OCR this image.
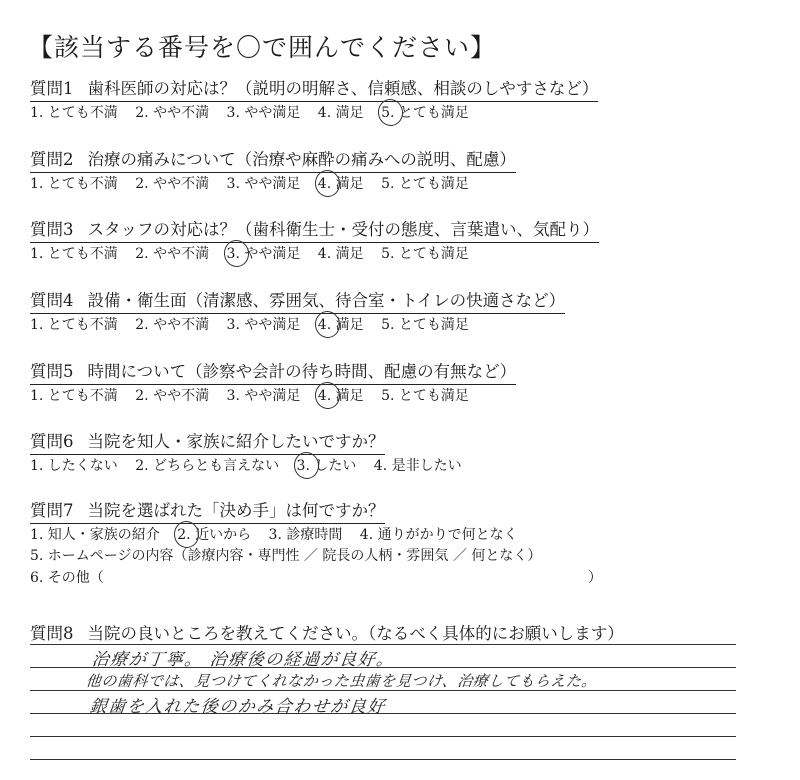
【該当する番号を〇で囲んでください】
質問1 歯科医師の対応は？（説明の明解さ、信頼感、相談のしやすさなど）
1. とても不満 2. やや不満 3. やや満足 4. 満足 5. とても満足
質問2 治療の痛みについて（治療や麻酔の痛みへの説明、配慮）
1. とても不満 2. やや不満 3. やや満足 4. 満足 5. とても満足
質問3 スタッフの対応は？（歯科衛生士・受付の態度、言葉遣い、気配り）
1. とても不満 2. やや不満 3. やや満足 4. 満足 5. とても満足
質問4 設備・衛生面（清潔感、雰囲気、待合室・トイレの快適さなど）
1. とても不満 2. やや不満 3. やや満足 4. 満足 5. とても満足
質問5 時間について（診察や会計の待ち時間、配慮の有無など）
1. とても不満 2. やや不満 3. やや満足 4. 満足 5. とても満足
質問6 当院を知人・家族に紹介したいですか？
1. したくない 2. どちらとも言えない 3. したい 4. 是非したい
質問7 当院を選ばれた「決め手」は何ですか？
1. 知人・家族の紹介 2. 近いから 3. 診療時間 4. 通りがかりで何となく
5. ホームページの内容（診療内容・専門性 ／ 院長の人柄・雰囲気 ／ 何となく）
6. その他（	）
質問8 当院の良いところを教えてください。（なるべく具体的にお願いします）
治療が丁寧。 治療後の経過が良好。
他の歯科では、見つけてくれなかった虫歯を見つけ、治療してもらえた。
銀歯を入れた後のかみ合わせが良好
